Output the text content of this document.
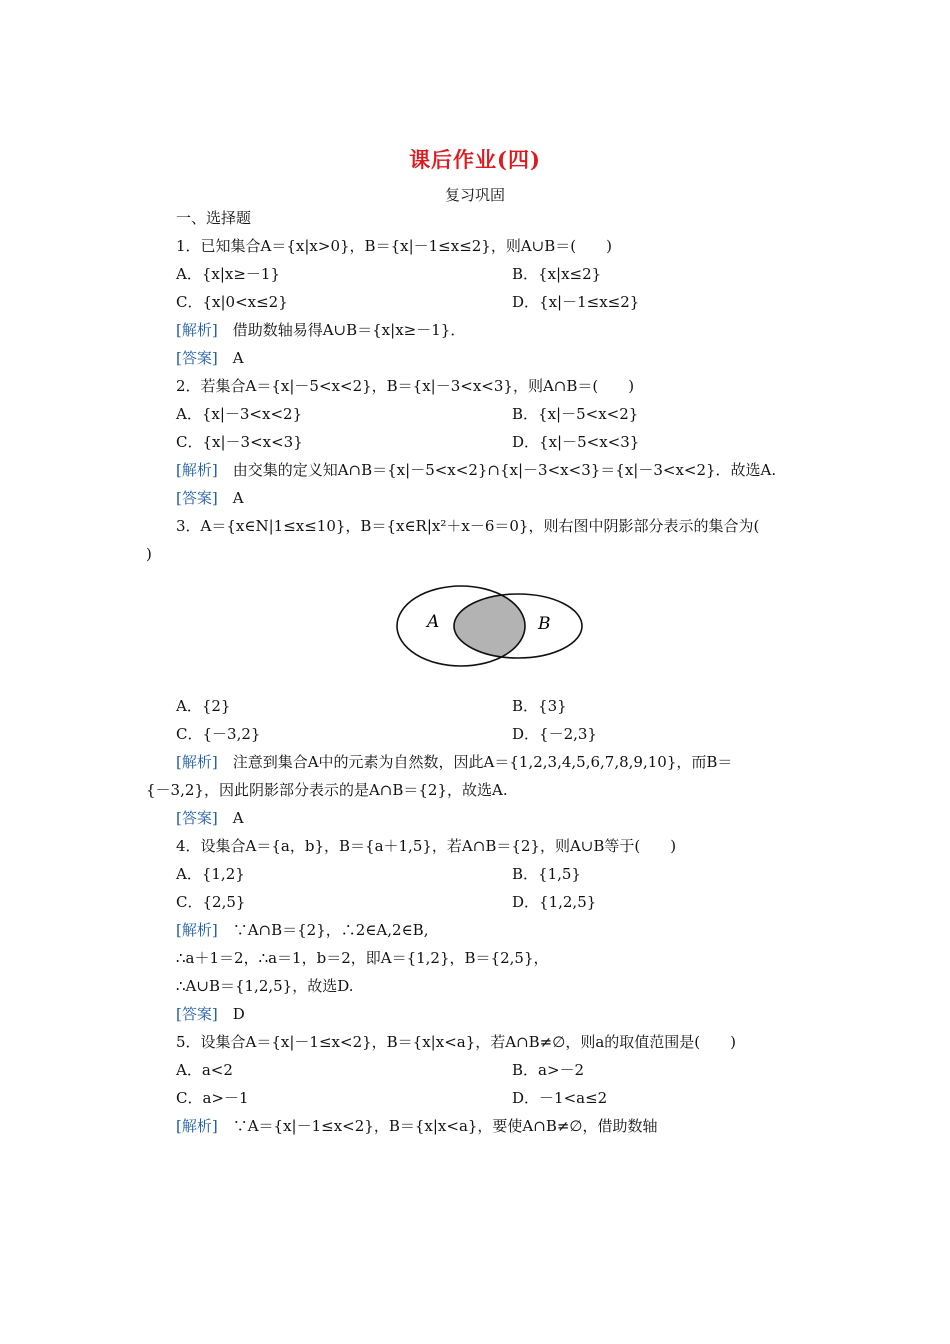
课后作业(四)
复习巩固
一、选择题
1．已知集合A＝{x|x>0}，B＝{x|－1≤x≤2}，则A∪B＝(　　)
A．{x|x≥－1}	B．{x|x≤2}
C．{x|0<x≤2}	D．{x|－1≤x≤2}
[解析]　借助数轴易得A∪B＝{x|x≥－1}．
[答案]　A
2．若集合A＝{x|－5<x<2}，B＝{x|－3<x<3}，则A∩B＝(　　)
A．{x|－3<x<2}	B．{x|－5<x<2}
C．{x|－3<x<3}	D．{x|－5<x<3}
[解析]　由交集的定义知A∩B＝{x|－5<x<2}∩{x|－3<x<3}＝{x|－3<x<2}．故选A.
[答案]　A
3．A＝{x∈N|1≤x≤10}，B＝{x∈R|x²＋x－6＝0}，则右图中阴影部分表示的集合为(
)
A	B
A．{2}	B．{3}
C．{－3,2}	D．{－2,3}
[解析]　注意到集合A中的元素为自然数，因此A＝{1,2,3,4,5,6,7,8,9,10}，而B＝
{－3,2}，因此阴影部分表示的是A∩B＝{2}，故选A.
[答案]　A
4．设集合A＝{a，b}，B＝{a＋1,5}，若A∩B＝{2}，则A∪B等于(　　)
A．{1,2}	B．{1,5}
C．{2,5}	D．{1,2,5}
[解析]　∵A∩B＝{2}，∴2∈A,2∈B,
∴a＋1＝2，∴a＝1，b＝2，即A＝{1,2}，B＝{2,5}，
∴A∪B＝{1,2,5}，故选D.
[答案]　D
5．设集合A＝{x|－1≤x<2}，B＝{x|x<a}，若A∩B≠∅，则a的取值范围是(　　)
A．a<2	B．a>－2
C．a>－1	D．－1<a≤2
[解析]　∵A＝{x|－1≤x<2}，B＝{x|x<a}，要使A∩B≠∅，借助数轴
